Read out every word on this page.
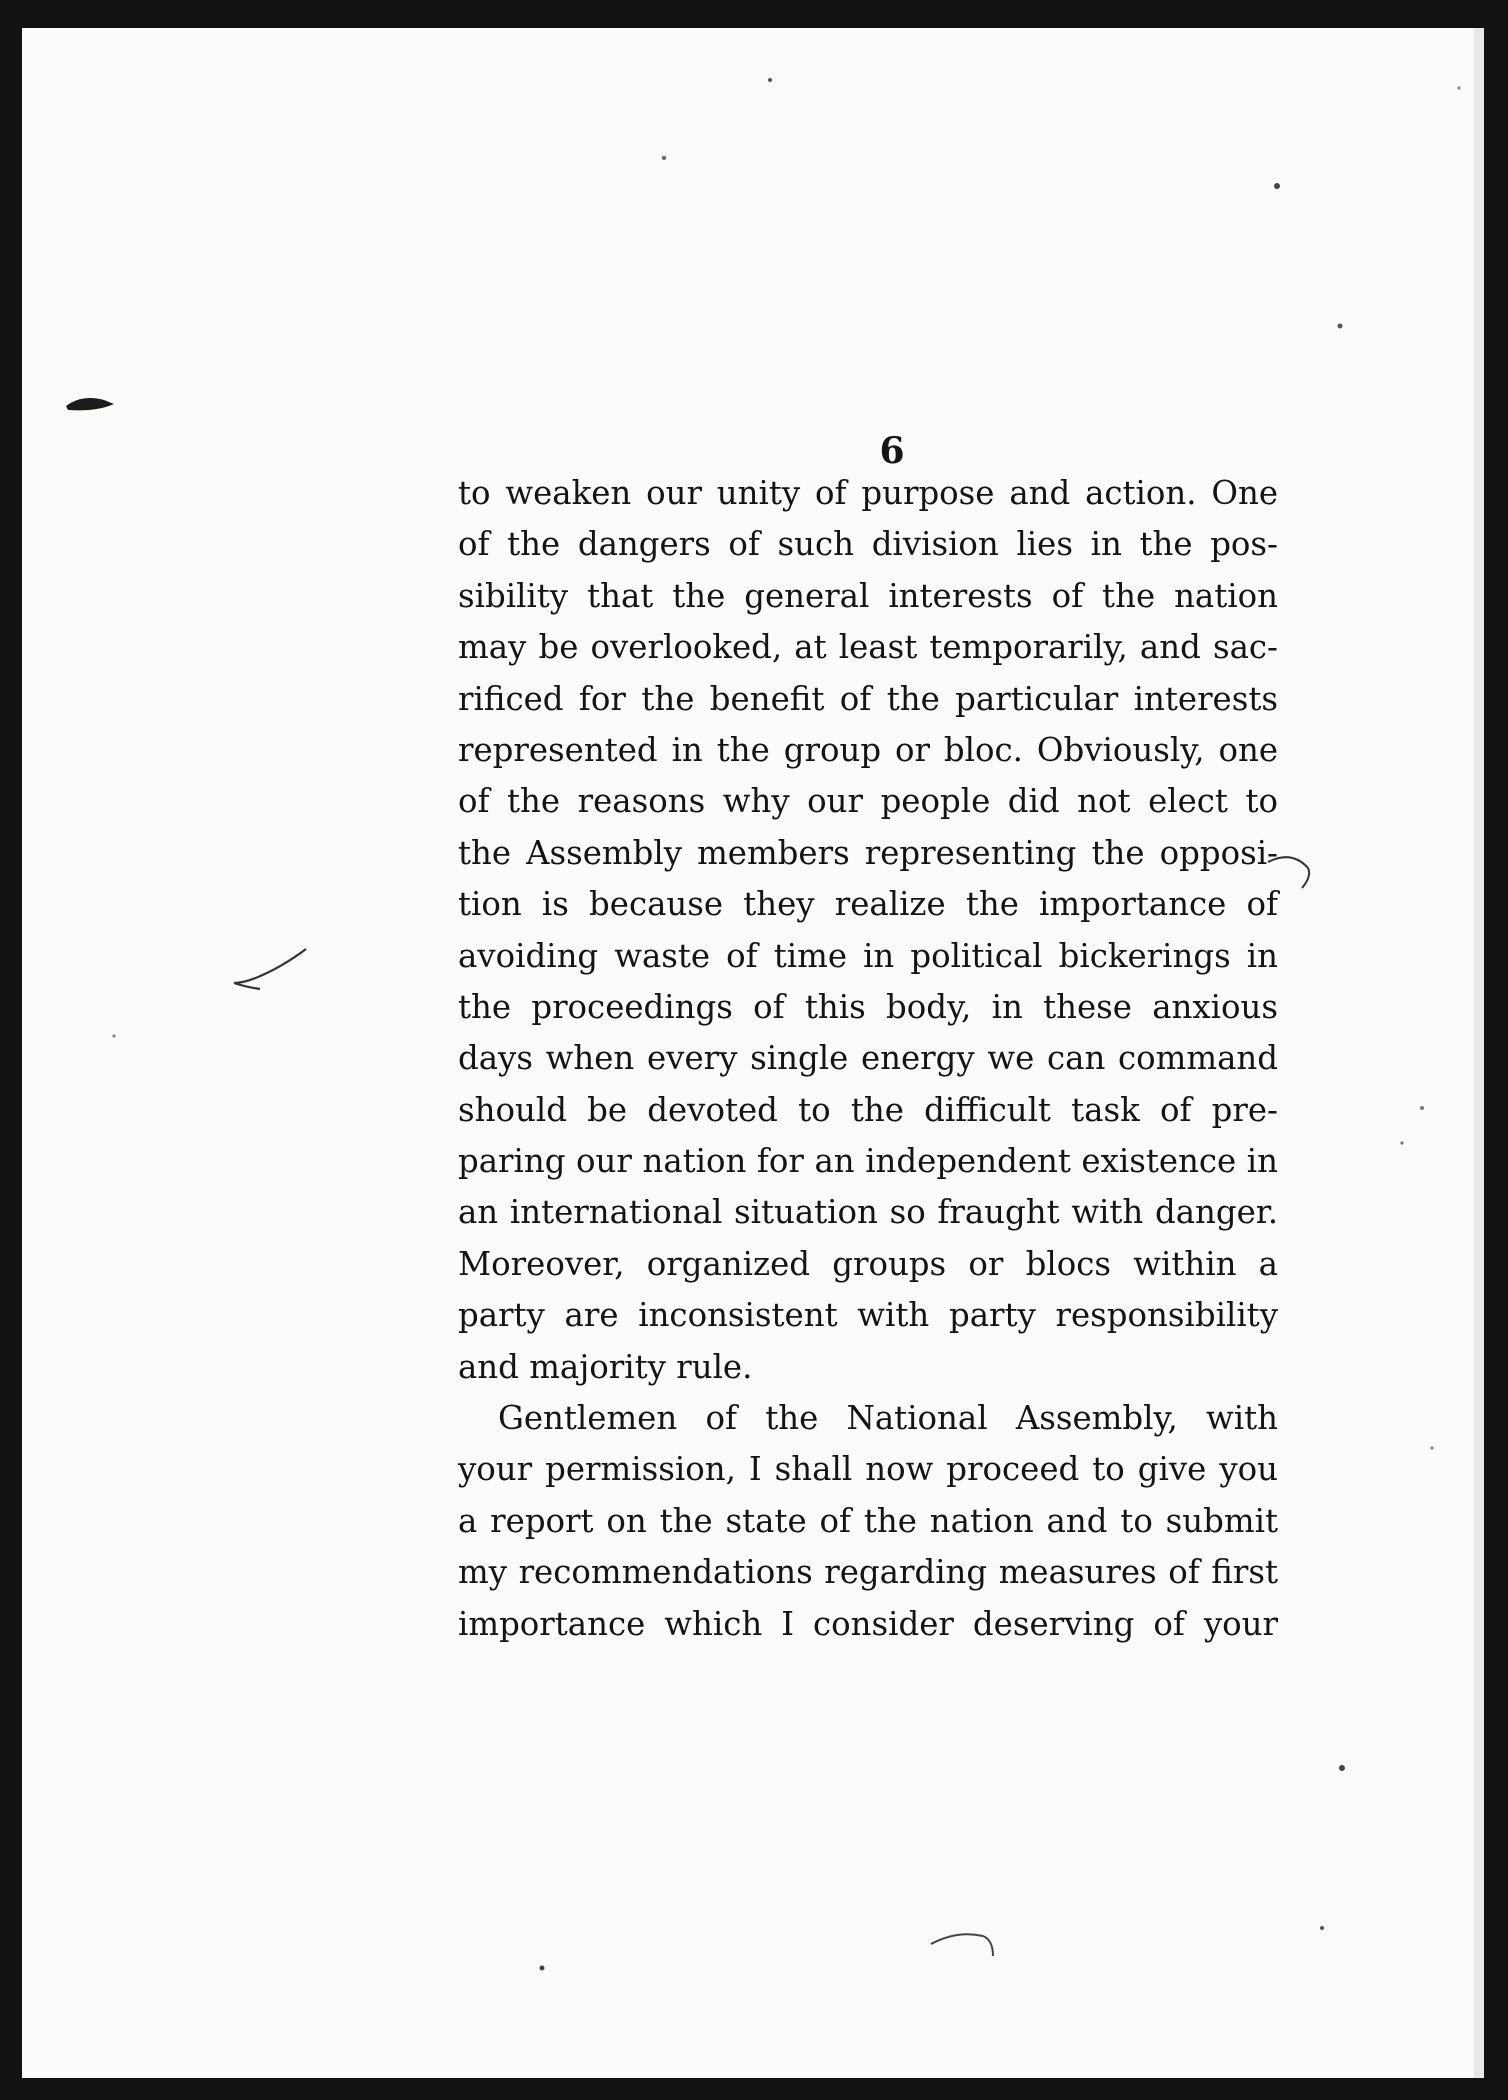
6
to weaken our unity of purpose and action. One
of the dangers of such division lies in the pos-
sibility that the general interests of the nation
may be overlooked, at least temporarily, and sac-
rificed for the benefit of the particular interests
represented in the group or bloc. Obviously, one
of the reasons why our people did not elect to
the Assembly members representing the opposi-
tion is because they realize the importance of
avoiding waste of time in political bickerings in
the proceedings of this body, in these anxious
days when every single energy we can command
should be devoted to the difficult task of pre-
paring our nation for an independent existence in
an international situation so fraught with danger.
Moreover, organized groups or blocs within a
party are inconsistent with party responsibility
and majority rule.
Gentlemen of the National Assembly, with
your permission, I shall now proceed to give you
a report on the state of the nation and to submit
my recommendations regarding measures of first
importance which I consider deserving of your
